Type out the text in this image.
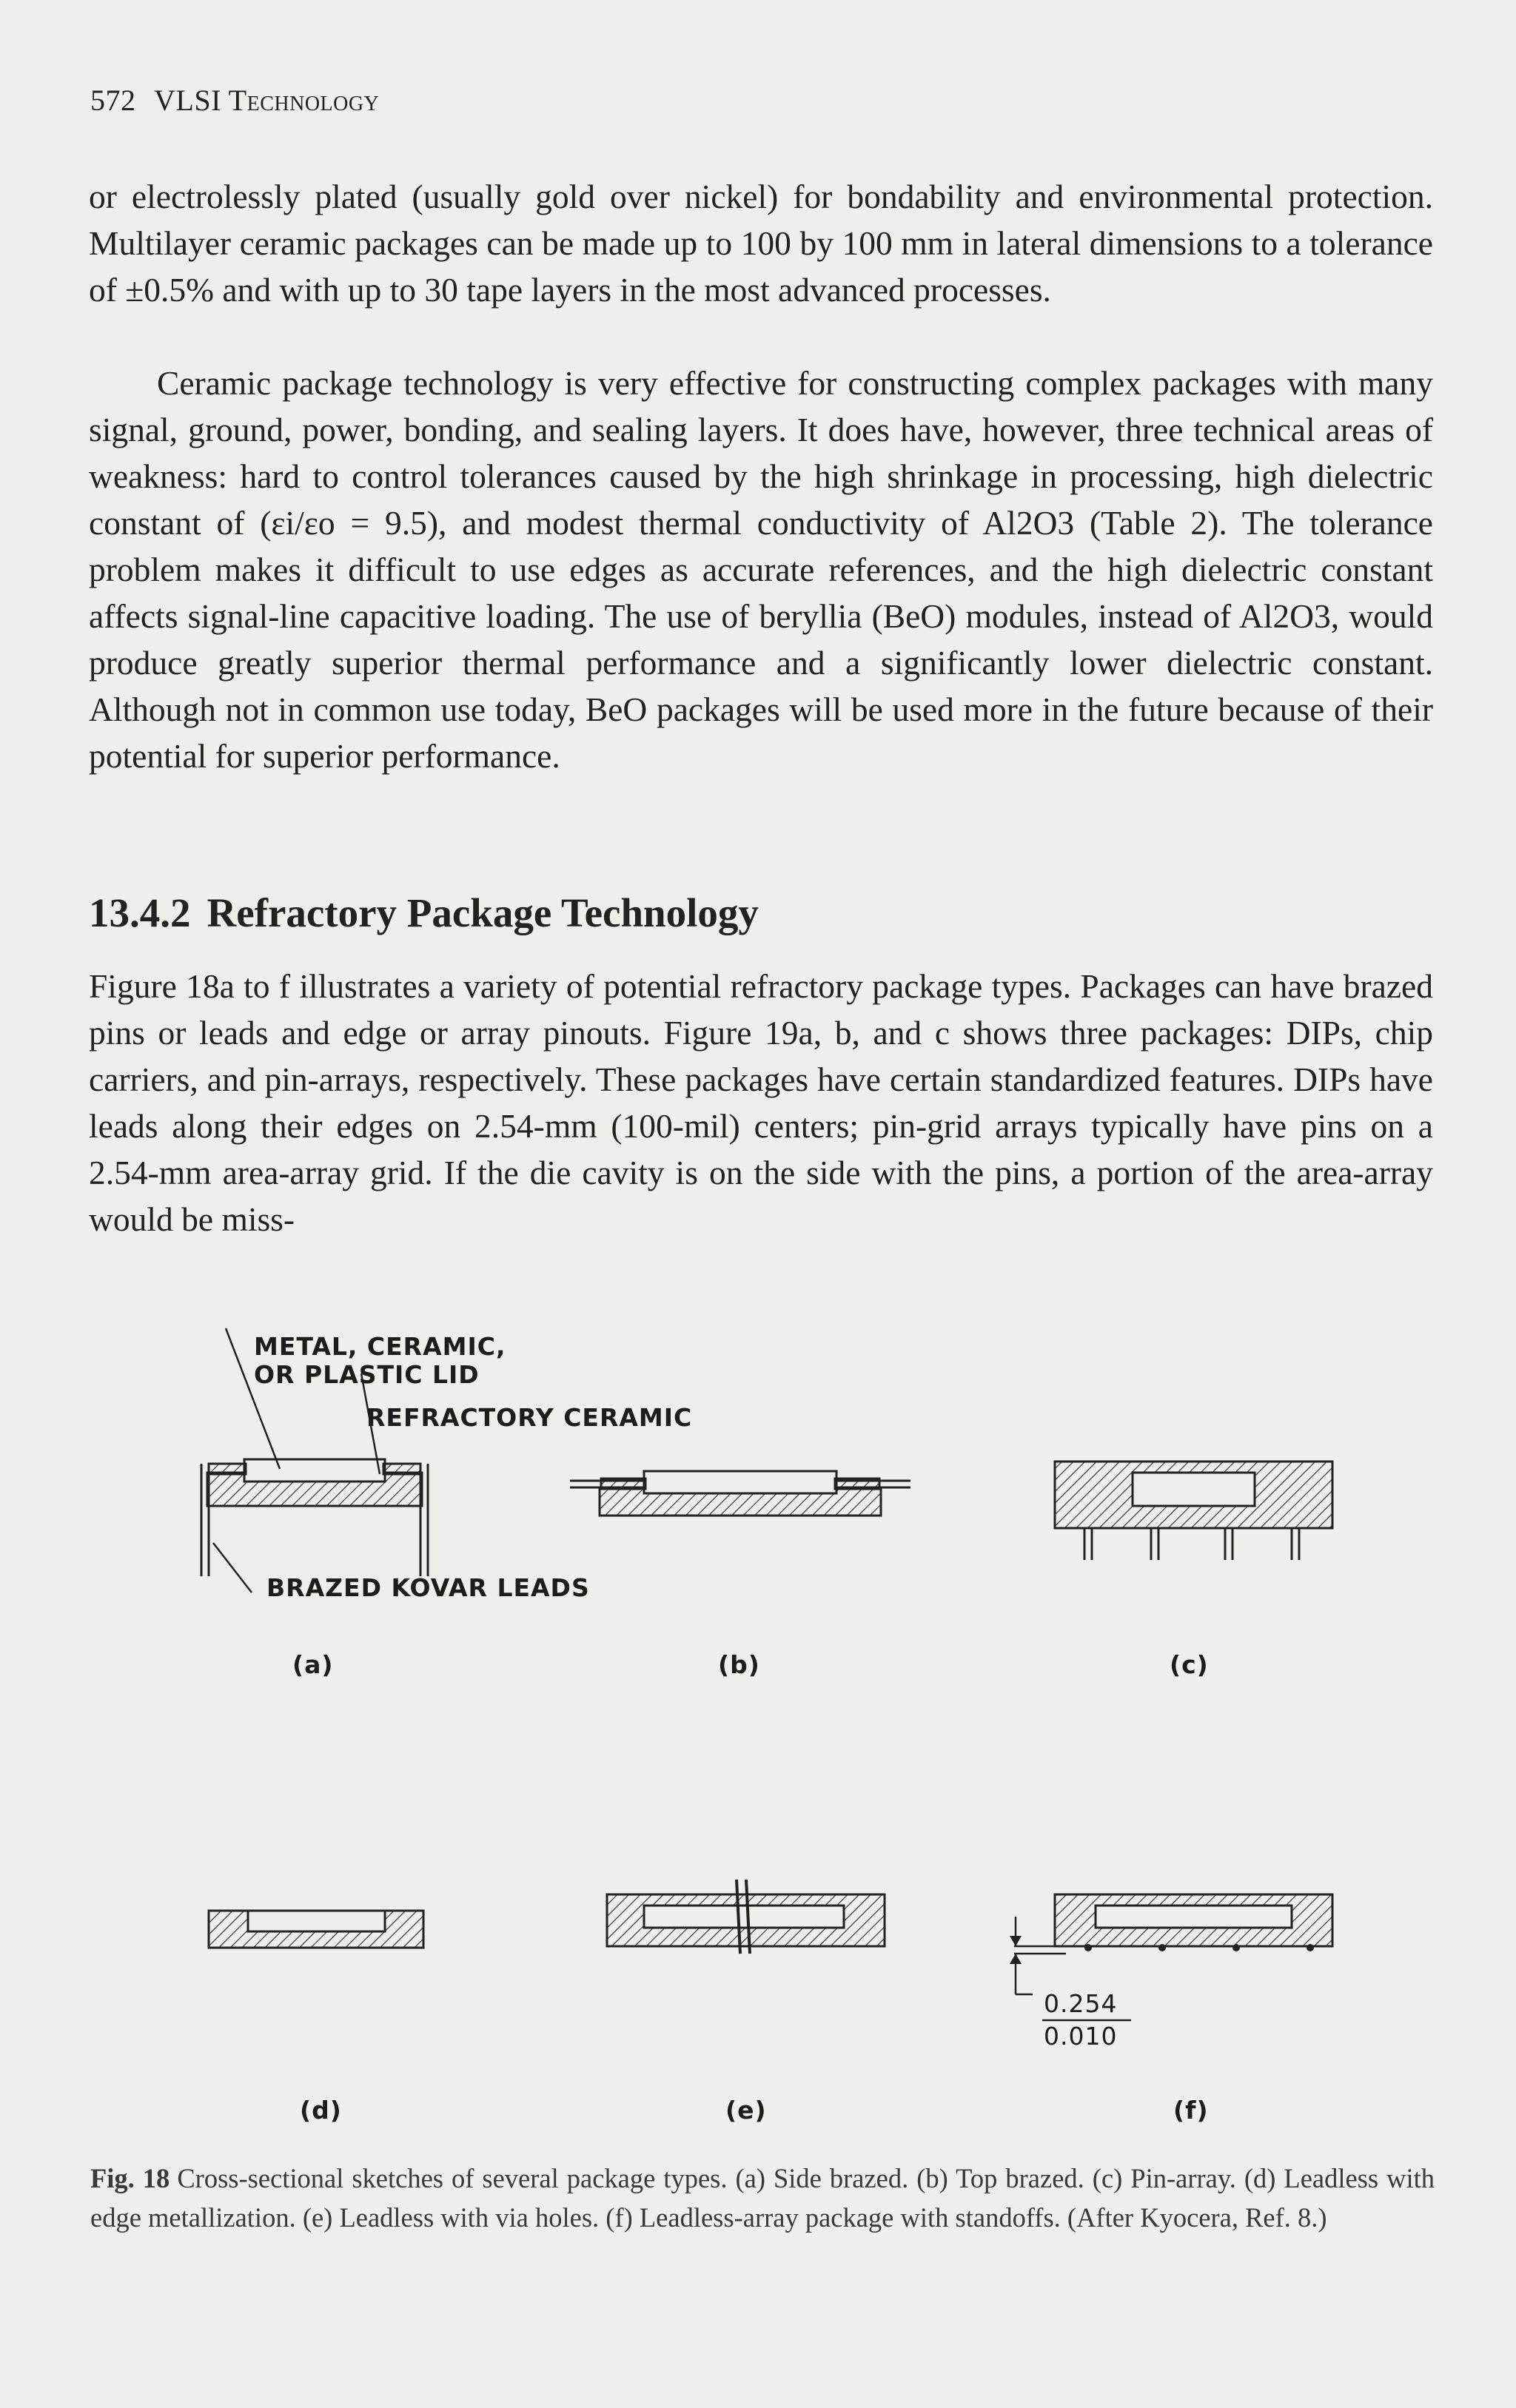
572 VLSI Technology

or electrolessly plated (usually gold over nickel) for bondability and environmental protection. Multilayer ceramic packages can be made up to 100 by 100 mm in lateral dimensions to a tolerance of ±0.5% and with up to 30 tape layers in the most advanced processes.

Ceramic package technology is very effective for constructing complex packages with many signal, ground, power, bonding, and sealing layers. It does have, however, three technical areas of weakness: hard to control tolerances caused by the high shrinkage in processing, high dielectric constant of (εi/εo = 9.5), and modest thermal conductivity of Al2O3 (Table 2). The tolerance problem makes it difficult to use edges as accurate references, and the high dielectric constant affects signal-line capacitive loading. The use of beryllia (BeO) modules, instead of Al2O3, would produce greatly superior thermal performance and a significantly lower dielectric constant. Although not in common use today, BeO packages will be used more in the future because of their potential for superior performance.

13.4.2 Refractory Package Technology

Figure 18a to f illustrates a variety of potential refractory package types. Packages can have brazed pins or leads and edge or array pinouts. Figure 19a, b, and c shows three packages: DIPs, chip carriers, and pin-arrays, respectively. These packages have certain standardized features. DIPs have leads along their edges on 2.54-mm (100-mil) centers; pin-grid arrays typically have pins on a 2.54-mm area-array grid. If the die cavity is on the side with the pins, a portion of the area-array would be miss-

METAL, CERAMIC,
OR PLASTIC LID
REFRACTORY CERAMIC
BRAZED KOVAR LEADS
(a)	(b)	(c)
(d)	(e)	(f)
0.254
0.010

Fig. 18 Cross-sectional sketches of several package types. (a) Side brazed. (b) Top brazed. (c) Pin-array. (d) Leadless with edge metallization. (e) Leadless with via holes. (f) Leadless-array package with standoffs. (After Kyocera, Ref. 8.)
